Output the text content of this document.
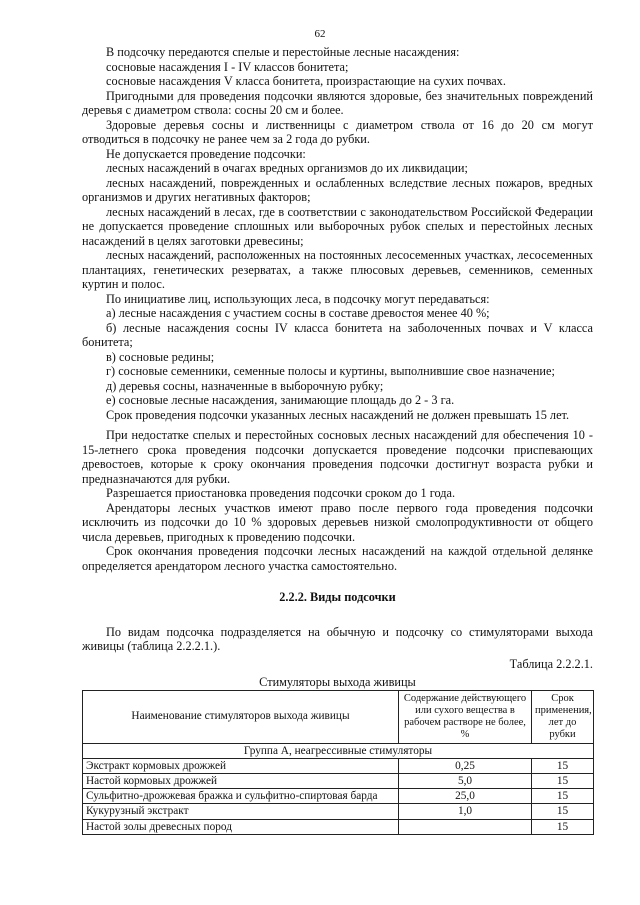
62

В подсочку передаются спелые и перестойные лесные насаждения:

сосновые насаждения I - IV классов бонитета;

сосновые насаждения V класса бонитета, произрастающие на сухих почвах.

Пригодными для проведения подсочки являются здоровые, без значительных повреждений деревья с диаметром ствола: сосны 20 см и более.

Здоровые деревья сосны и лиственницы с диаметром ствола от 16 до 20 см могут отводиться в подсочку не ранее чем за 2 года до рубки.

Не допускается проведение подсочки:

лесных насаждений в очагах вредных организмов до их ликвидации;

лесных насаждений, поврежденных и ослабленных вследствие лесных пожаров, вредных организмов и других негативных факторов;

лесных насаждений в лесах, где в соответствии с законодательством Российской Федерации не допускается проведение сплошных или выборочных рубок спелых и перестойных лесных насаждений в целях заготовки древесины;

лесных насаждений, расположенных на постоянных лесосеменных участках, лесосеменных плантациях, генетических резерватах, а также плюсовых деревьев, семенников, семенных куртин и полос.

По инициативе лиц, использующих леса, в подсочку могут передаваться:

а) лесные насаждения с участием сосны в составе древостоя менее 40 %;

б) лесные насаждения сосны IV класса бонитета на заболоченных почвах и V класса бонитета;

в) сосновые редины;

г) сосновые семенники, семенные полосы и куртины, выполнившие свое назначение;

д) деревья сосны, назначенные в выборочную рубку;

е) сосновые лесные насаждения, занимающие площадь до 2 - 3 га.

Срок проведения подсочки указанных лесных насаждений не должен превышать 15 лет.

При недостатке спелых и перестойных сосновых лесных насаждений для обеспечения 10 - 15-летнего срока проведения подсочки допускается проведение подсочки приспевающих древостоев, которые к сроку окончания проведения подсочки достигнут возраста рубки и предназначаются для рубки.

Разрешается приостановка проведения подсочки сроком до 1 года.

Арендаторы лесных участков имеют право после первого года проведения подсочки исключить из подсочки до 10 % здоровых деревьев низкой смолопродуктивности от общего числа деревьев, пригодных к проведению подсочки.

Срок окончания проведения подсочки лесных насаждений на каждой отдельной делянке определяется арендатором лесного участка самостоятельно.

2.2.2. Виды подсочки

По видам подсочка подразделяется на обычную и подсочку со стимуляторами выхода живицы (таблица 2.2.2.1.).

Таблица 2.2.2.1.

Стимуляторы выхода живицы

Наименование стимуляторов выхода живицы	Содержание действующего или сухого вещества в рабочем растворе не более, %	Срок применения, лет до рубки
Группа А, неагрессивные стимуляторы		
Экстракт кормовых дрожжей	0,25	15
Настой кормовых дрожжей	5,0	15
Сульфитно-дрожжевая бражка и сульфитно-спиртовая барда	25,0	15
Кукурузный экстракт	1,0	15
Настой золы древесных пород		15
